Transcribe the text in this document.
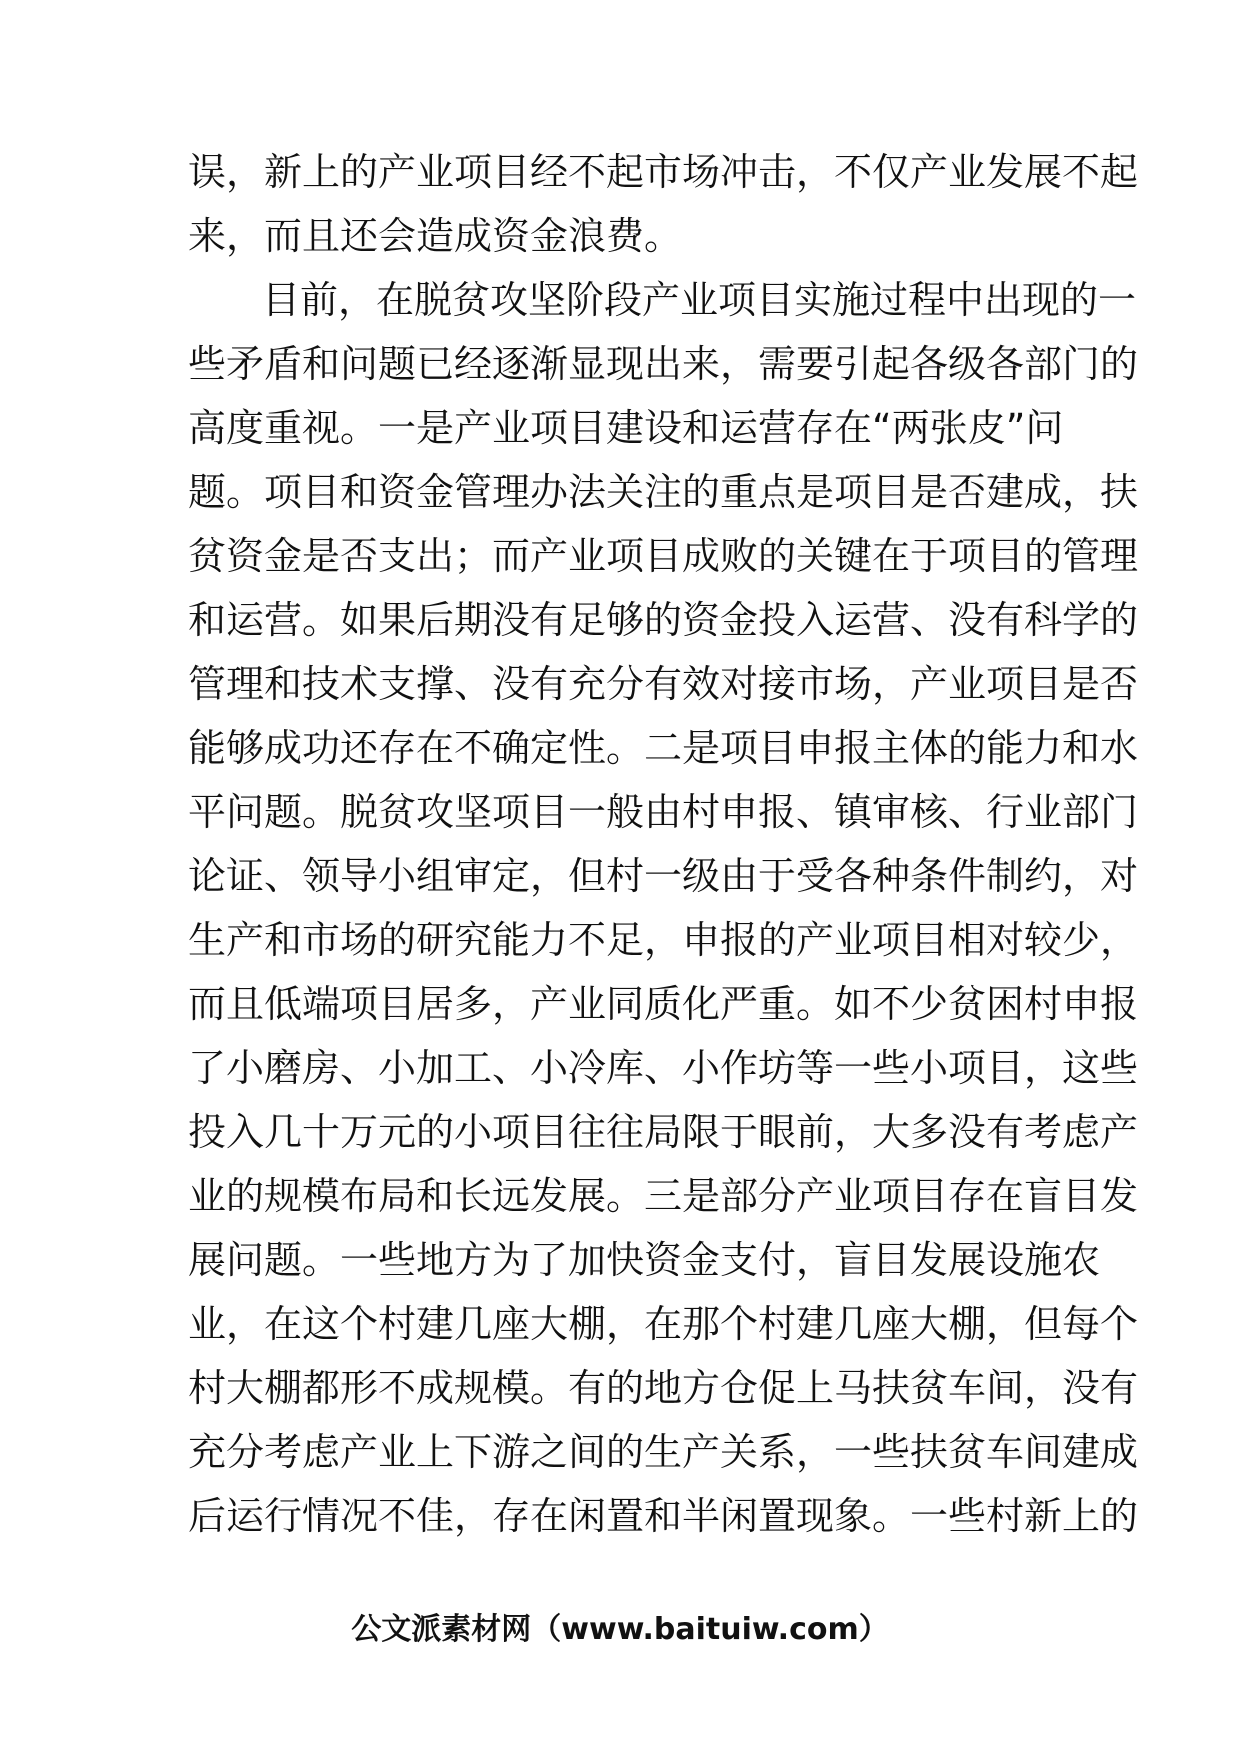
误，新上的产业项目经不起市场冲击，不仅产业发展不起
来，而且还会造成资金浪费。
目前，在脱贫攻坚阶段产业项目实施过程中出现的一
些矛盾和问题已经逐渐显现出来，需要引起各级各部门的
高度重视。一是产业项目建设和运营存在“两张皮”问
题。项目和资金管理办法关注的重点是项目是否建成，扶
贫资金是否支出；而产业项目成败的关键在于项目的管理
和运营。如果后期没有足够的资金投入运营、没有科学的
管理和技术支撑、没有充分有效对接市场，产业项目是否
能够成功还存在不确定性。二是项目申报主体的能力和水
平问题。脱贫攻坚项目一般由村申报、镇审核、行业部门
论证、领导小组审定，但村一级由于受各种条件制约，对
生产和市场的研究能力不足，申报的产业项目相对较少，
而且低端项目居多，产业同质化严重。如不少贫困村申报
了小磨房、小加工、小冷库、小作坊等一些小项目，这些
投入几十万元的小项目往往局限于眼前，大多没有考虑产
业的规模布局和长远发展。三是部分产业项目存在盲目发
展问题。一些地方为了加快资金支付，盲目发展设施农
业，在这个村建几座大棚，在那个村建几座大棚，但每个
村大棚都形不成规模。有的地方仓促上马扶贫车间，没有
充分考虑产业上下游之间的生产关系，一些扶贫车间建成
后运行情况不佳，存在闲置和半闲置现象。一些村新上的
公文派素材网（www.baituiw.com）
